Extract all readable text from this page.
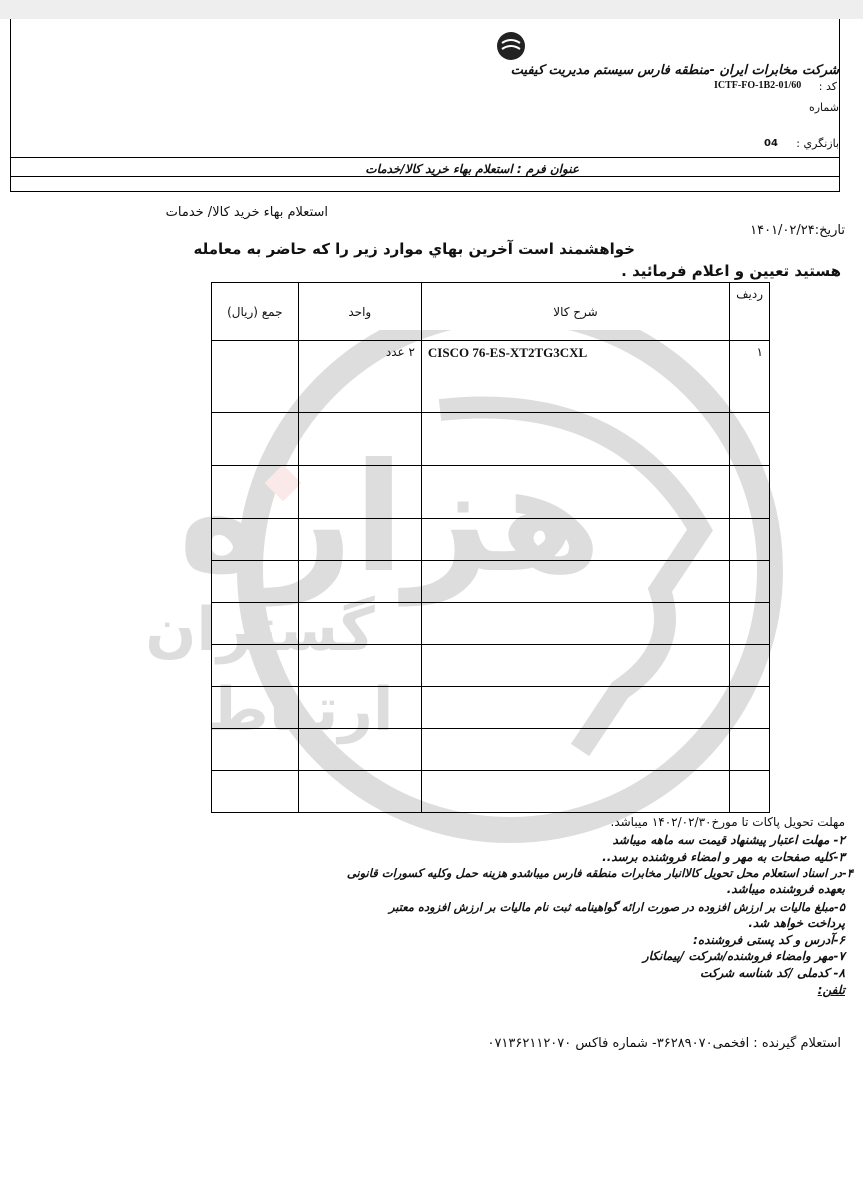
هزاره
گستران
ارتباط
شرکت مخابرات ایران -منطقه فارس سیستم مدیریت کیفیت
کد :
ICTF-FO-1B2-01/60
شماره
بازنگري :
04
عنوان فرم : استعلام بهاء خرید کالا/خدمات
استعلام بهاء خرید کالا/ خدمات
تاریخ:۱۴۰۱/۰۲/۲۴
خواهشمند است آخرین بهاي موارد زیر را که حاضر به معامله
هستید تعیین و اعلام فرمائید .
ردیف	شرح کالا	واحد	جمع (ریال)
۱	CISCO 76-ES-XT2TG3CXL	۲ عدد	

مهلت تحویل پاکات تا مورخ۱۴۰۲/۰۲/۳۰ میباشد.
۲- مهلت اعتبار پیشنهاد قیمت سه ماهه میباشد
۳-کلیه صفحات به مهر و امضاء فروشنده برسد..
۴-در اسناد استعلام محل تحویل کالاانبار مخابرات منطقه فارس میباشدو هزینه حمل وکلیه کسورات قانونی
بعهده فروشنده میباشد.
۵-مبلغ مالیات بر ارزش افزوده در صورت ارائه گواهینامه ثبت نام مالیات بر ارزش افزوده معتبر
پرداخت خواهد شد.
۶-آدرس و کد پستی فروشنده:
۷-مهر وامضاء فروشنده/شرکت /پیمانکار
۸- کدملی /کد شناسه شرکت
تلفن:
استعلام گیرنده : افخمی۳۶۲۸۹۰۷۰- شماره فاکس ۰۷۱۳۶۲۱۱۲۰۷۰
